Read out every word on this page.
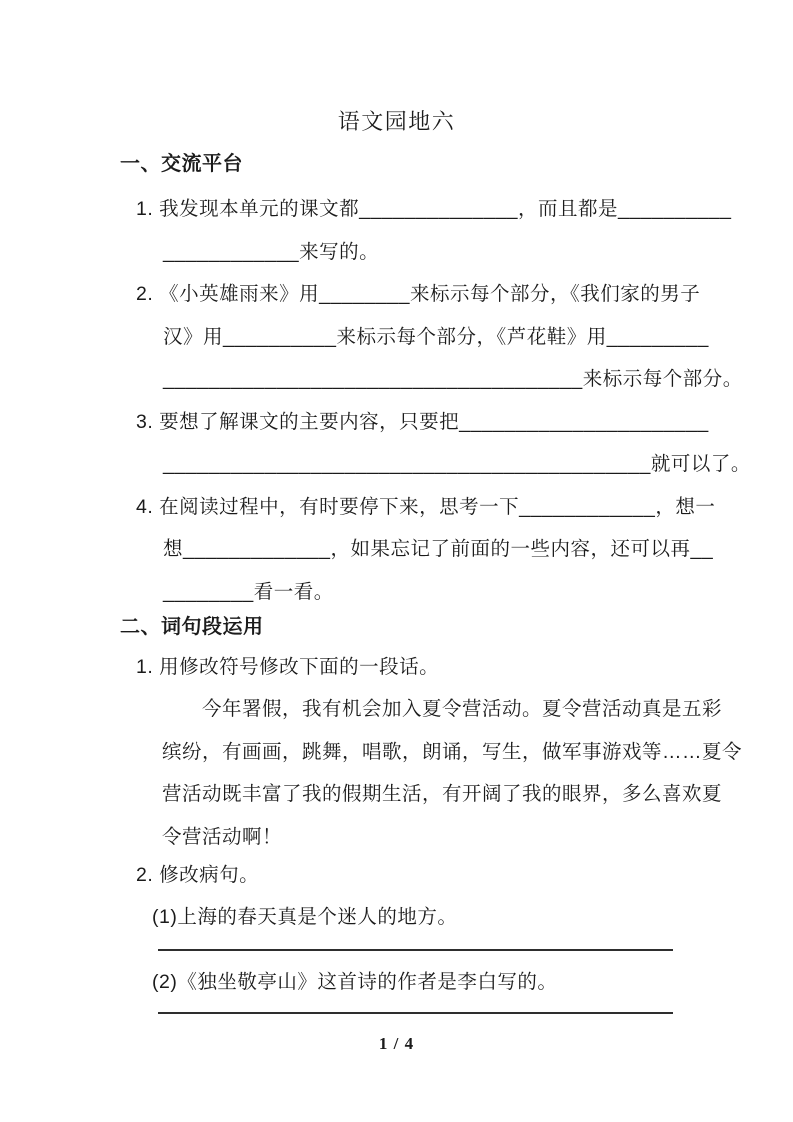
语文园地六
一、交流平台
1. 我发现本单元的课文都______________，而且都是__________
____________来写的。
2. 《小英雄雨来》用________来标示每个部分，《我们家的男子
汉》用__________来标示每个部分，《芦花鞋》用_________
_____________________________________来标示每个部分。
3. 要想了解课文的主要内容，只要把______________________
___________________________________________就可以了。
4. 在阅读过程中，有时要停下来，思考一下____________，想一
想_____________，如果忘记了前面的一些内容，还可以再__
________看一看。
二、词句段运用
1. 用修改符号修改下面的一段话。
今年署假，我有机会加入夏令营活动。夏令营活动真是五彩
缤纷，有画画，跳舞，唱歌，朗诵，写生，做军事游戏等……夏令
营活动既丰富了我的假期生活，有开阔了我的眼界，多么喜欢夏
令营活动啊！
2. 修改病句。
(1)上海的春天真是个迷人的地方。
(2)《独坐敬亭山》这首诗的作者是李白写的。
1 / 4
